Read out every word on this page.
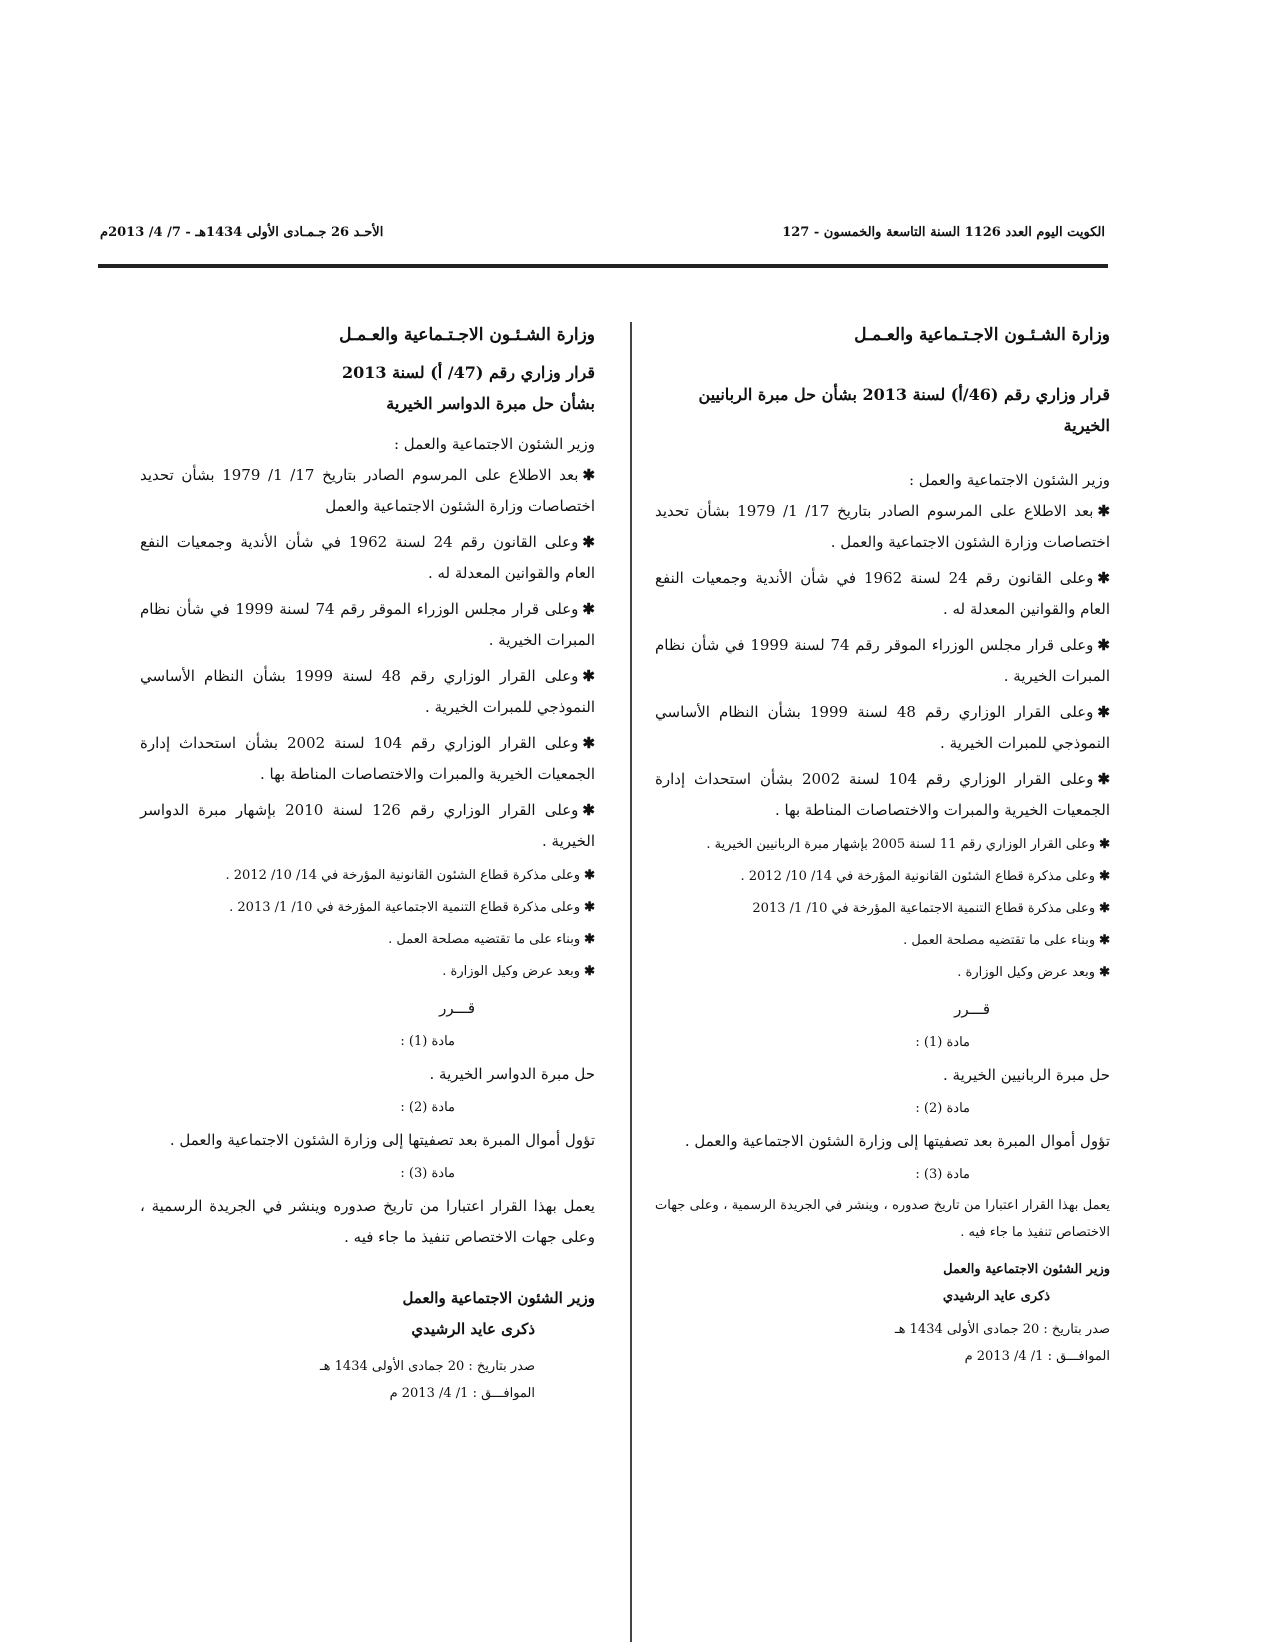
الكويت اليوم العدد 1126 السنة التاسعة والخمسون - 127
الأحـد 26 جـمـادى الأولى 1434هـ - 7/ 4/ 2013م

وزارة الشـئـون الاجـتـماعية والعـمـل

قرار وزاري رقم (46/أ) لسنة 2013 بشأن حل مبرة الربانيين الخيرية

وزير الشئون الاجتماعية والعمل :

✱بعد الاطلاع على المرسوم الصادر بتاريخ 17/ 1/ 1979 بشأن تحديد اختصاصات وزارة الشئون الاجتماعية والعمل .

✱وعلى القانون رقم 24 لسنة 1962 في شأن الأندية وجمعيات النفع العام والقوانين المعدلة له .

✱وعلى قرار مجلس الوزراء الموقر رقم 74 لسنة 1999 في شأن نظام المبرات الخيرية .

✱وعلى القرار الوزاري رقم 48 لسنة 1999 بشأن النظام الأساسي النموذجي للمبرات الخيرية .

✱وعلى القرار الوزاري رقم 104 لسنة 2002 بشأن استحداث إدارة الجمعيات الخيرية والمبرات والاختصاصات المناطة بها .

✱وعلى القرار الوزاري رقم 11 لسنة 2005 بإشهار مبرة الربانيين الخيرية .

✱وعلى مذكرة قطاع الشئون القانونية المؤرخة في 14/ 10/ 2012 .

✱وعلى مذكرة قطاع التنمية الاجتماعية المؤرخة في 10/ 1/ 2013

✱وبناء على ما تقتضيه مصلحة العمل .

✱وبعد عرض وكيل الوزارة .

قـــرر

مادة (1) :

حل مبرة الربانيين الخيرية .

مادة (2) :

تؤول أموال المبرة بعد تصفيتها إلى وزارة الشئون الاجتماعية والعمل .

مادة (3) :

يعمل بهذا القرار اعتبارا من تاريخ صدوره ، وينشر في الجريدة الرسمية ، وعلى جهات الاختصاص تنفيذ ما جاء فيه .

وزير الشئون الاجتماعية والعمل

ذكرى عايد الرشيدي

صدر بتاريخ : 20 جمادى الأولى 1434 هـ

الموافـــق : 1/ 4/ 2013 م

وزارة الشـئـون الاجـتـماعية والعـمـل

قرار وزاري رقم (47/ أ) لسنة 2013

بشأن حل مبرة الدواسر الخيرية

وزير الشئون الاجتماعية والعمل :

✱بعد الاطلاع على المرسوم الصادر بتاريخ 17/ 1/ 1979 بشأن تحديد اختصاصات وزارة الشئون الاجتماعية والعمل

✱وعلى القانون رقم 24 لسنة 1962 في شأن الأندية وجمعيات النفع العام والقوانين المعدلة له .

✱وعلى قرار مجلس الوزراء الموقر رقم 74 لسنة 1999 في شأن نظام المبرات الخيرية .

✱وعلى القرار الوزاري رقم 48 لسنة 1999 بشأن النظام الأساسي النموذجي للمبرات الخيرية .

✱وعلى القرار الوزاري رقم 104 لسنة 2002 بشأن استحداث إدارة الجمعيات الخيرية والمبرات والاختصاصات المناطة بها .

✱وعلى القرار الوزاري رقم 126 لسنة 2010 بإشهار مبرة الدواسر الخيرية .

✱وعلى مذكرة قطاع الشئون القانونية المؤرخة في 14/ 10/ 2012 .

✱وعلى مذكرة قطاع التنمية الاجتماعية المؤرخة في 10/ 1/ 2013 .

✱وبناء على ما تقتضيه مصلحة العمل .

✱وبعد عرض وكيل الوزارة .

قـــرر

مادة (1) :

حل مبرة الدواسر الخيرية .

مادة (2) :

تؤول أموال المبرة بعد تصفيتها إلى وزارة الشئون الاجتماعية والعمل .

مادة (3) :

يعمل بهذا القرار اعتبارا من تاريخ صدوره وينشر في الجريدة الرسمية ، وعلى جهات الاختصاص تنفيذ ما جاء فيه .

وزير الشئون الاجتماعية والعمل

ذكرى عايد الرشيدي

صدر بتاريخ : 20 جمادى الأولى 1434 هـ

الموافـــق : 1/ 4/ 2013 م
